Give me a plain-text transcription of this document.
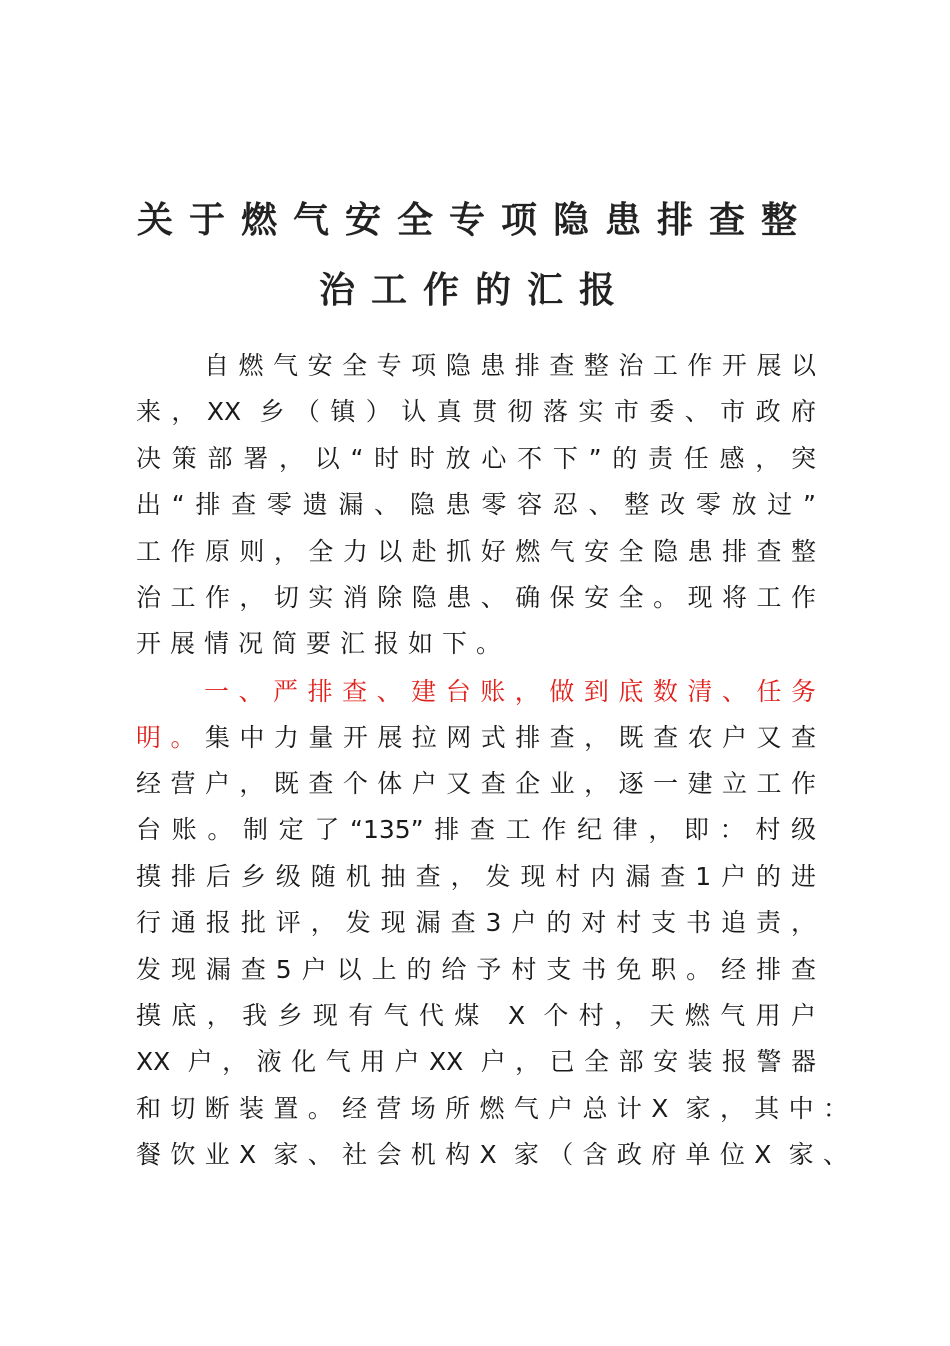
关于燃气安全专项隐患排查整
治工作的汇报
自燃气安全专项隐患排查整治工作开展以
来，XX 乡（镇）认真贯彻落实市委、市政府
决策部署，以“时时放心不下”的责任感，突
出“排查零遗漏、隐患零容忍、整改零放过”
工作原则，全力以赴抓好燃气安全隐患排查整
治工作，切实消除隐患、确保安全。现将工作
开展情况简要汇报如下。
一、严排查、建台账，做到底数清、任务
明。集中力量开展拉网式排查，既查农户又查
经营户，既查个体户又查企业，逐一建立工作
台账。制定了“135”排查工作纪律，即：村级
摸排后乡级随机抽查，发现村内漏查1户的进
行通报批评，发现漏查3户的对村支书追责，
发现漏查5户以上的给予村支书免职。经排查
摸底，我乡现有气代煤 X 个村，天燃气用户
XX 户，液化气用户XX 户，已全部安装报警器
和切断装置。经营场所燃气户总计X 家，其中：
餐饮业X 家、社会机构X 家（含政府单位X 家、
